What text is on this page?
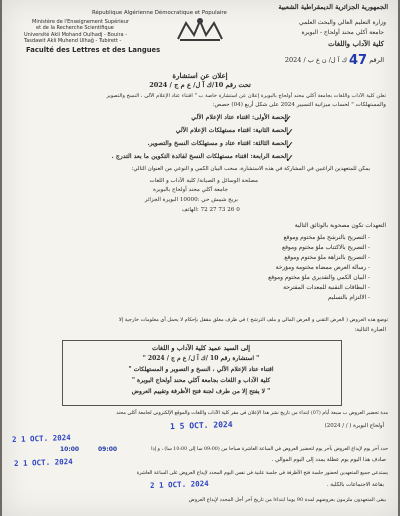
الجمهورية الجزائرية الديمقراطية الشعبية
République Algérienne Démocratique et Populaire
وزارة التعليم العالي والبحث العلمي
جامعة آكلي محند أولحاج - البويرة
كلية الآداب واللغات
Ministère de l'Enseignement Supérieur
et de la Recherche Scientifique
Université Akli Mohand Oulhadj - Bouira -
Tasdawit Akli Muhend Ulhağ - Tubirett -
Faculté des Lettres et des Langues
الرقم 47 ك آ ل/ ن ع ب / 2024
إعلان عن استشارة
تحت رقم 10/ك آ ل/ ع م ج / 2024
تعلن كلية الآداب واللغات بجامعة آكلي محند أولحاج بالبويرة إعلان عن استشارة خاصة ب " اقتناء عتاد الإعلام الآلي ، النسخ والتصوير
والمستهلكات " لحساب ميزانية التسيير 2024 على شكل أربع (04) حصص:
الحصة الأولى: اقتناء عتاد الإعلام الآلي
✓
الحصة الثانية: اقتناء مستهلكات الإعلام الآلي
✓
الحصة الثالثة: اقتناء عتاد و مستهلكات النسخ والتصوير.
✓
الحصة الرابعة: اقتناء مستهلكات النسخ لفائدة التكوين ما بعد التدرج .
✓
يمكن للمتعهدين الراغبين في المشاركة في هذه الاستشارة، سحب البيان الكمي و النوعي من العنوان التالي:
مصلحة الوسائل و الصيانة/ كلية الآداب و اللغات
جامعة آكلي محند أولحاج بالبويرة
بريج شيبش حي :10000 البويرة الجزائر
0 26 73 27 72 :الهاتف
التعهدات تكون مصحوبة بالوثائق التالية
- التصريح بالترشح ملؤ مختوم وموقع
- التصريح بالاكتتاب ملؤ مختوم وموقع
- التصريح بالنزاهة ملؤ مختوم وموقع
- رسالة العرض ممضاة مختومة ومؤرخة
- البيان الكمي والتقديري ملؤ مختوم وموقع
- البطاقات التقنية للمعدات المقترحة
- الالتزام بالتسليم
توضع هذه العروض ( العرض التقني و العرض المالي و ملف الترشح ) في ظرف مغلق مقفل بإحكام لا يحمل أي معلومات خارجية إلا
العبارة التالية:
إلى السيد عميد كلية الآداب و اللغات
" استشارة رقم 10 /ك آ ل/ ع م ج / 2024 "
اقتناء عتاد الإعلام الآلي ، النسخ و التصوير و المستهلكات "
كلية الآداب و اللغات بجامعة آكلي محند أولحاج البويرة "
" لا يفتح إلا من طرف لجنة فتح الأظرفة وتقييم العروض
مدة تحضير العروض ب سبعة أيام (07) ابتداء من تاريخ نشر هذا الإعلان في مقر كلية الآداب واللغات والموقع الإلكتروني لجامعة آكلي محند
أولحاج البويرة ( / / 2024)
1 5 OCT. 2024
2 1 OCT. 2024
حدد آخر يوم لإيداع العروض بآخر يوم لتحضير العروض في الساعة العاشرة صباحا من (09:00 سا إلى 10:00 سا) ، و إذا
صادف هذا اليوم يوم عطلة يمدد إلى اليوم الموالي .
2 1 OCT. 2024
10:00	09:00
يستدعي جميع المتعهدين لحضور جلسة فتح الأظرفة في جلسة علنية في نفس اليوم المحدد لإيداع العروض على الساعة العاشرة
بقاعة الاجتماعات بالكلية .
2 1 OCT. 2024
يبقى المتعهدون ملزمون بعروضهم لمدة 90 يوما ابتداءا من تاريخ آخر أجل المحدد لإيداع العروض
